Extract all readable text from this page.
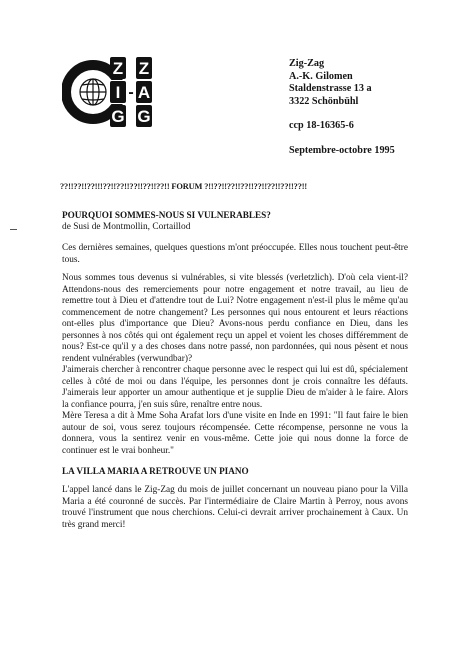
Z
I
G
-
Z
A
G
Zig-Zag
A.-K. Gilomen
Staldenstrasse 13 a
3322 Schönbühl
ccp 18-16365-6
Septembre-octobre 1995
??!!??!!??!!!??!!??!!??!!??!!??!! FORUM ?!!??!!??!!??!!??!!??!!??!!??!!
POURQUOI SOMMES-NOUS SI VULNERABLES?
de Susi de Montmollin, Cortaillod

Ces dernières semaines, quelques questions m'ont préoccupée. Elles nous touchent peut-être tous.

Nous sommes tous devenus si vulnérables, si vite blessés (verletzlich). D'où cela vient-il? Attendons-nous des remerciements pour notre engagement et notre travail, au lieu de remettre tout à Dieu et d'attendre tout de Lui? Notre engagement n'est-il plus le même qu'au commencement de notre changement? Les personnes qui nous entourent et leurs réactions ont-elles plus d'importance que Dieu? Avons-nous perdu confiance en Dieu, dans les personnes à nos côtés qui ont également reçu un appel et voient les choses différemment de nous? Est-ce qu'il y a des choses dans notre passé, non pardonnées, qui nous pèsent et nous rendent vulnérables (verwundbar)?

J'aimerais chercher à rencontrer chaque personne avec le respect qui lui est dû, spécialement celles à côté de moi ou dans l'équipe, les personnes dont je crois connaître les défauts. J'aimerais leur apporter un amour authentique et je supplie Dieu de m'aider à le faire. Alors la confiance pourra, j'en suis sûre, renaître entre nous.

Mère Teresa a dit à Mme Soha Arafat lors d'une visite en Inde en 1991: "Il faut faire le bien autour de soi, vous serez toujours récompensée. Cette récompense, personne ne vous la donnera, vous la sentirez venir en vous-même. Cette joie qui nous donne la force de continuer est le vrai bonheur."

LA VILLA MARIA A RETROUVE UN PIANO

L'appel lancé dans le Zig-Zag du mois de juillet concernant un nouveau piano pour la Villa Maria a été couronné de succès. Par l'intermédiaire de Claire Martin à Perroy, nous avons trouvé l'instrument que nous cherchions. Celui-ci devrait arriver prochainement à Caux. Un très grand merci!
